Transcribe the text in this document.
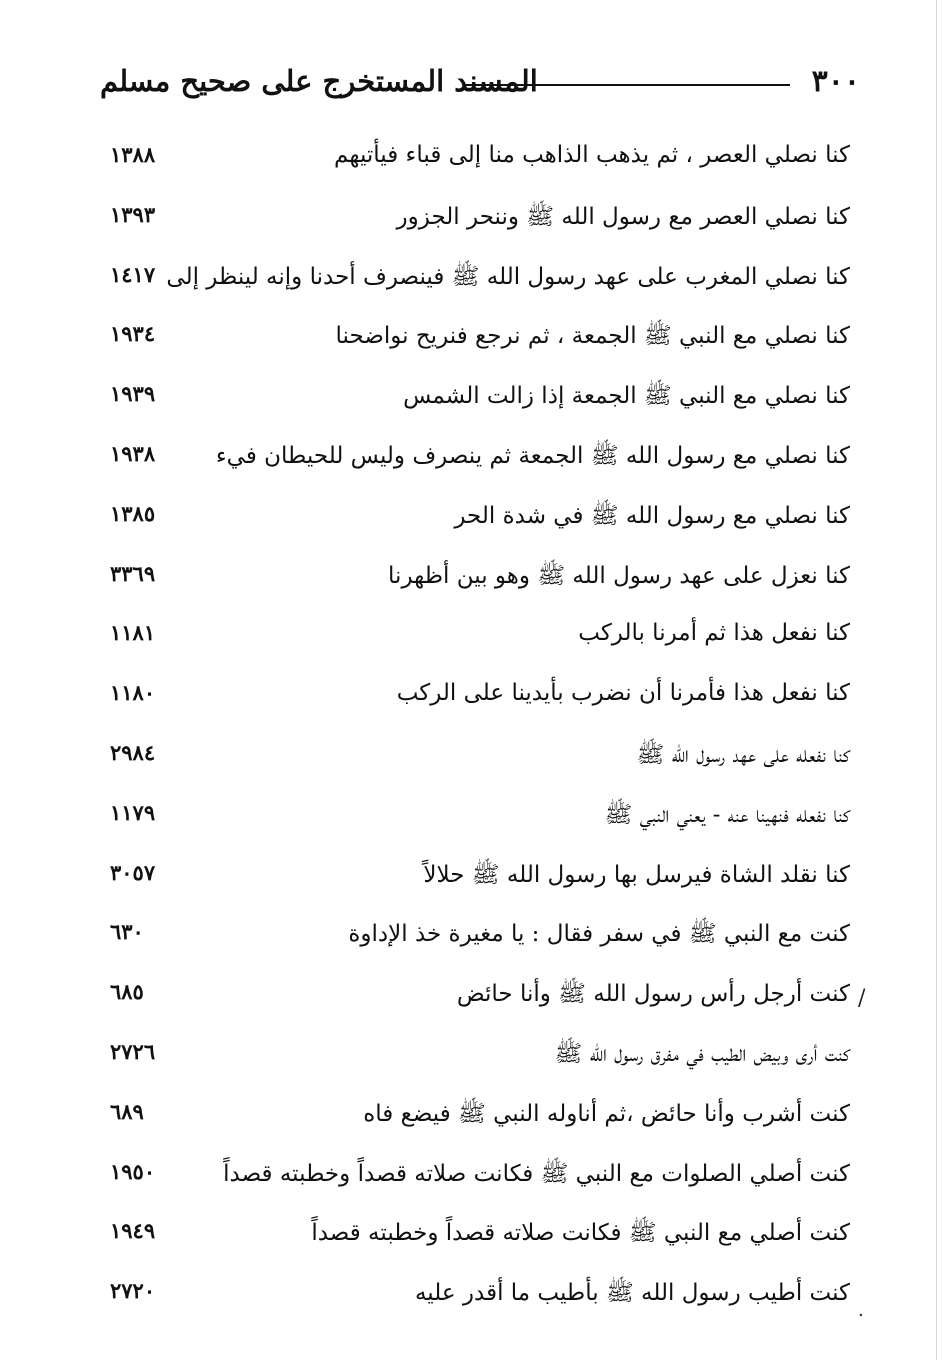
٣٠٠
المسند المستخرج على صحيح مسلم
كنا نصلي العصر ، ثم يذهب الذاهب منا إلى قباء فيأتيهم
١٣٨٨
كنا نصلي العصر مع رسول الله ﷺ وننحر الجزور
١٣٩٣
كنا نصلي المغرب على عهد رسول الله ﷺ فينصرف أحدنا وإنه لينظر إلى
١٤١٧
كنا نصلي مع النبي ﷺ الجمعة ، ثم نرجع فنريح نواضحنا
١٩٣٤
كنا نصلي مع النبي ﷺ الجمعة إذا زالت الشمس
١٩٣٩
كنا نصلي مع رسول الله ﷺ الجمعة ثم ينصرف وليس للحيطان فيء
١٩٣٨
كنا نصلي مع رسول الله ﷺ في شدة الحر
١٣٨٥
كنا نعزل على عهد رسول الله ﷺ وهو بين أظهرنا
٣٣٦٩
كنا نفعل هذا ثم أمرنا بالركب
١١٨١
كنا نفعل هذا فأمرنا أن نضرب بأيدينا على الركب
١١٨٠
كنا نفعله على عهد رسول الله ﷺ
٢٩٨٤
كنا نفعله فنهينا عنه - يعني النبي ﷺ
١١٧٩
كنا نقلد الشاة فيرسل بها رسول الله ﷺ حلالاً
٣٠٥٧
كنت مع النبي ﷺ في سفر فقال : يا مغيرة خذ الإداوة
٦٣٠
كنت أرجل رأس رسول الله ﷺ وأنا حائض
٦٨٥
كنت أرى وبيض الطيب في مفرق رسول الله ﷺ
٢٧٢٦
كنت أشرب وأنا حائض ،ثم أناوله النبي ﷺ فيضع فاه
٦٨٩
كنت أصلي الصلوات مع النبي ﷺ فكانت صلاته قصداً وخطبته قصداً
١٩٥٠
كنت أصلي مع النبي ﷺ فكانت صلاته قصداً وخطبته قصداً
١٩٤٩
كنت أطيب رسول الله ﷺ بأطيب ما أقدر عليه
٢٧٢٠
/
٠
